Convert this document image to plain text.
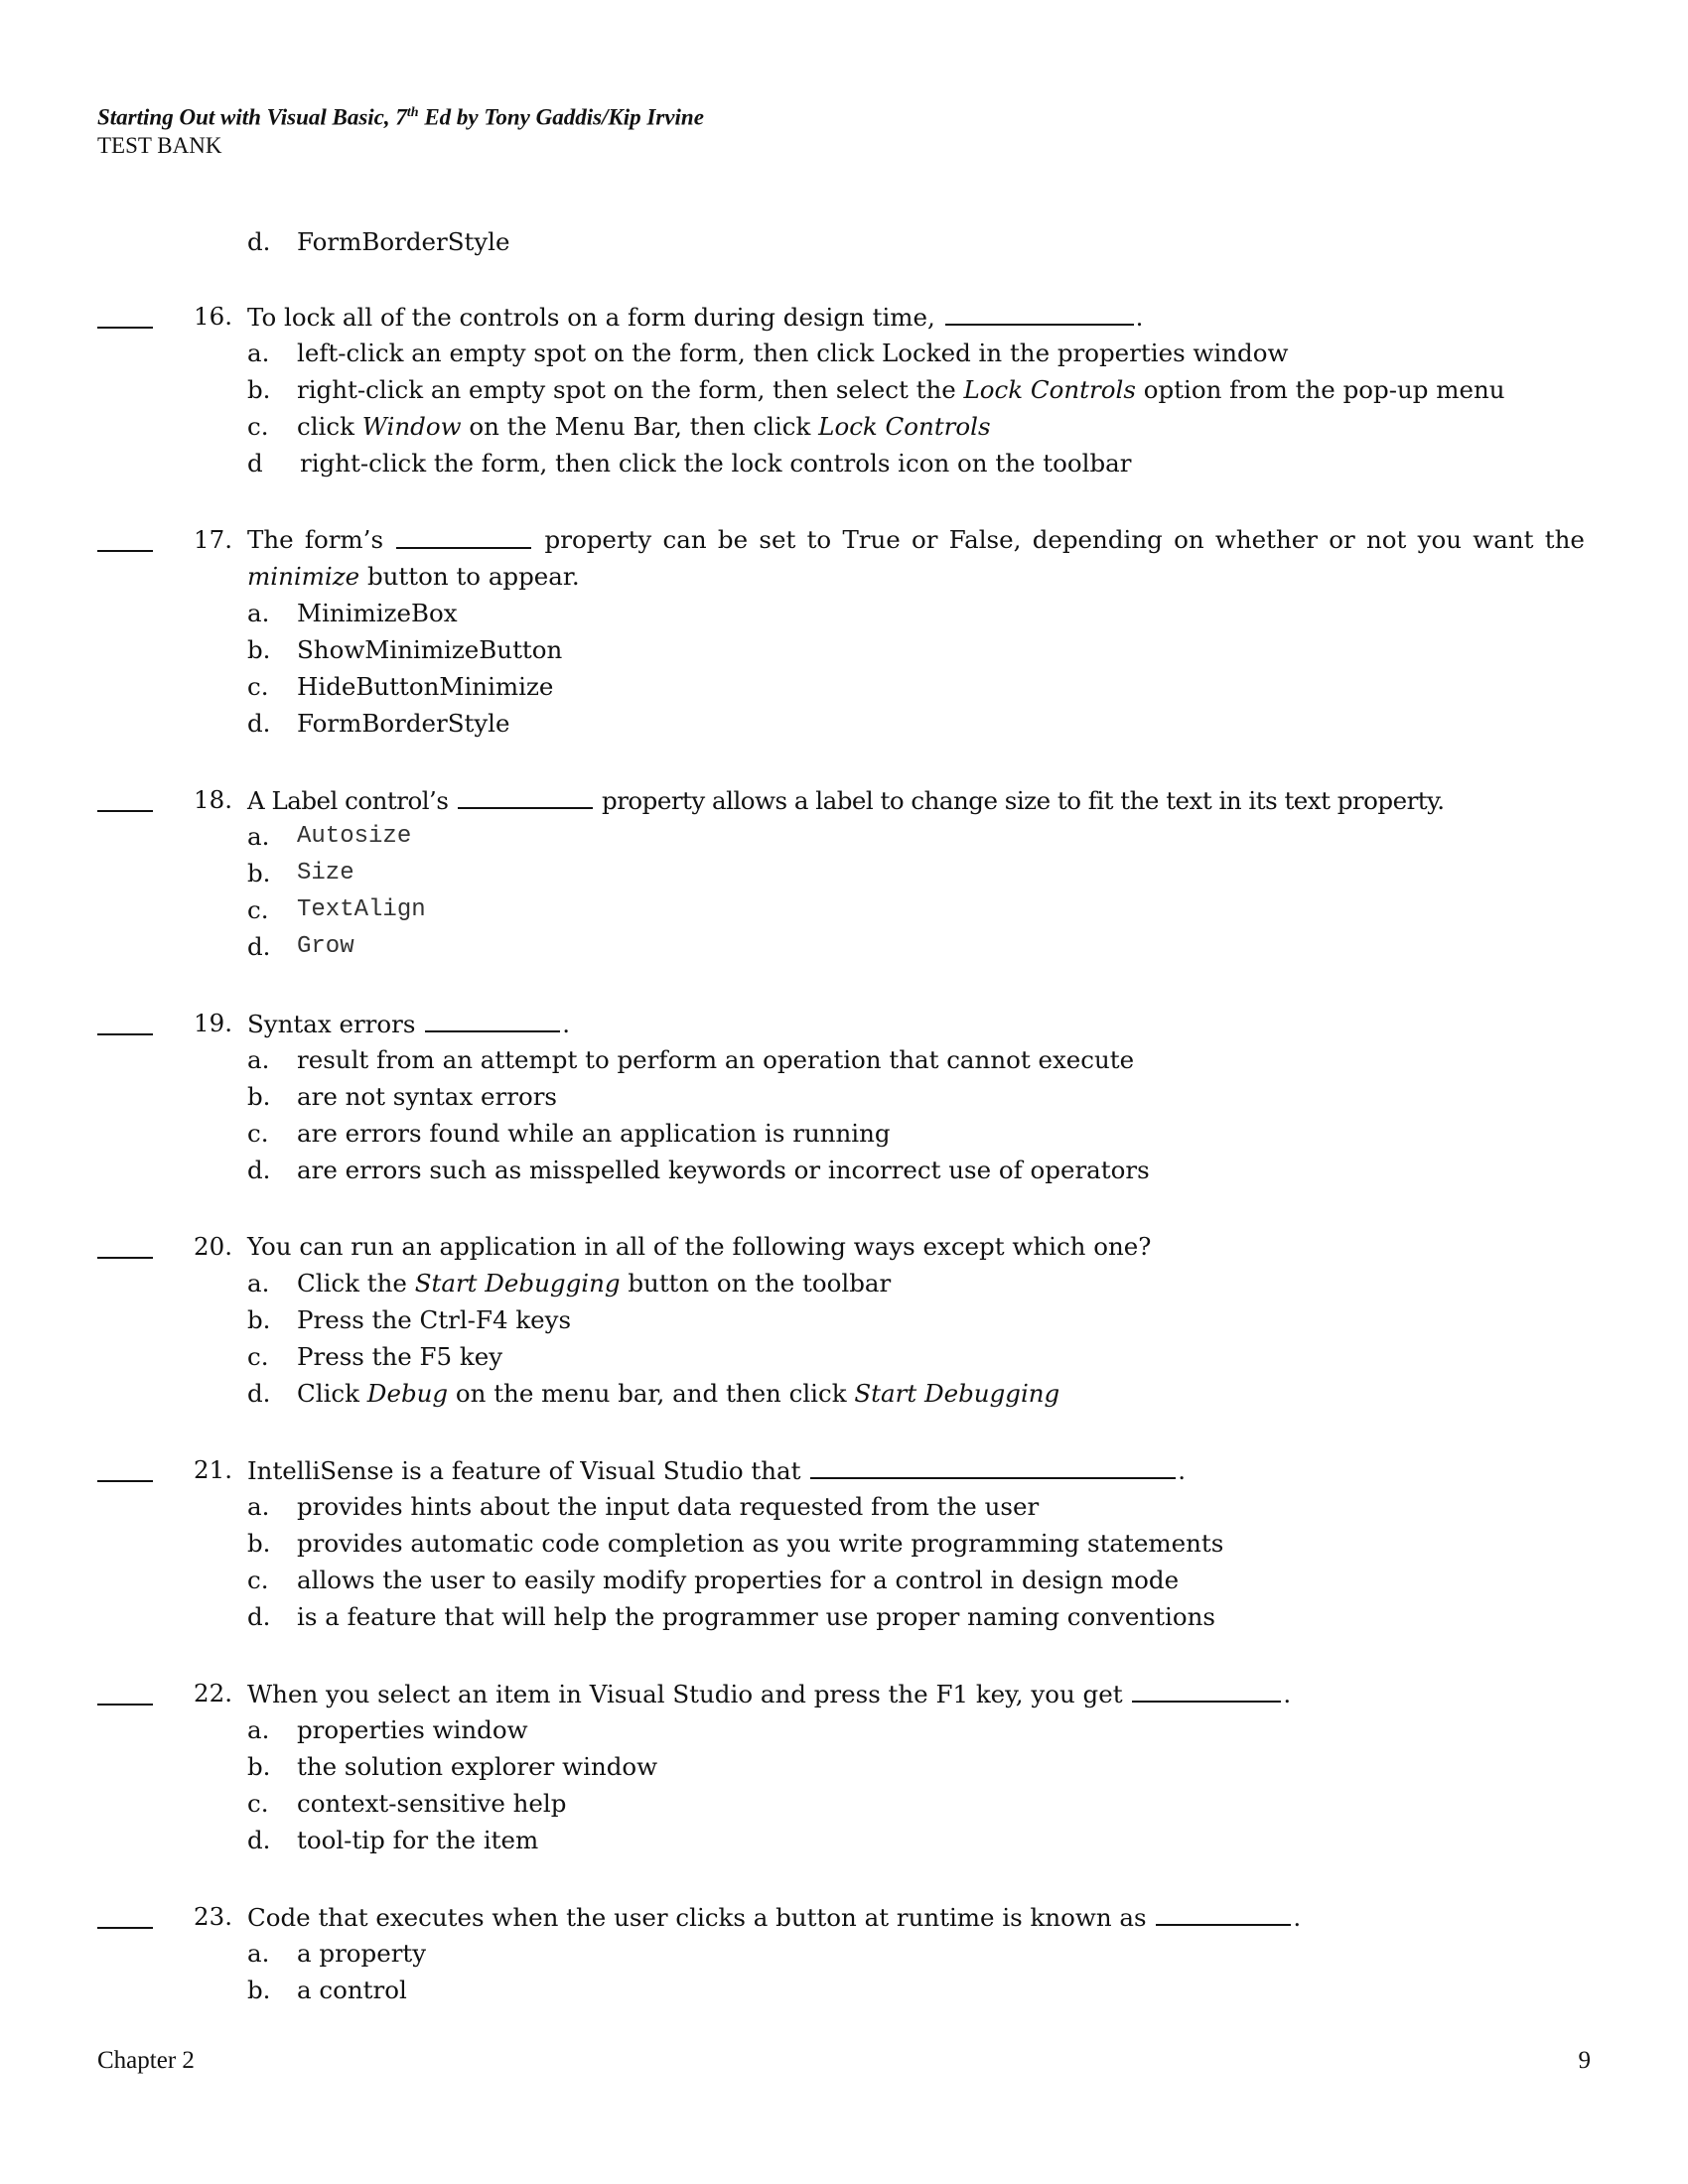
Starting Out with Visual Basic, 7th Ed by Tony Gaddis/Kip Irvine
TEST BANK
d. FormBorderStyle
16. To lock all of the controls on a form during design time,	.
a. left-click an empty spot on the form, then click Locked in the properties window
b. right-click an empty spot on the form, then select the Lock Controls option from the pop-up menu
c. click Window on the Menu Bar, then click Lock Controls
d right-click the form, then click the lock controls icon on the toolbar
17. The form’s	property can be set to True or False, depending on whether or not you want the
minimize button to appear.
a. MinimizeBox
b. ShowMinimizeButton
c. HideButtonMinimize
d. FormBorderStyle
18. A Label control’s	property allows a label to change size to fit the text in its text property.
a. Autosize
b. Size
c. TextAlign
d. Grow
19. Syntax errors	.
a. result from an attempt to perform an operation that cannot execute
b. are not syntax errors
c. are errors found while an application is running
d. are errors such as misspelled keywords or incorrect use of operators
20. You can run an application in all of the following ways except which one?
a. Click the Start Debugging button on the toolbar
b. Press the Ctrl-F4 keys
c. Press the F5 key
d. Click Debug on the menu bar, and then click Start Debugging
21. IntelliSense is a feature of Visual Studio that	.
a. provides hints about the input data requested from the user
b. provides automatic code completion as you write programming statements
c. allows the user to easily modify properties for a control in design mode
d. is a feature that will help the programmer use proper naming conventions
22. When you select an item in Visual Studio and press the F1 key, you get	.
a. properties window
b. the solution explorer window
c. context-sensitive help
d. tool-tip for the item
23. Code that executes when the user clicks a button at runtime is known as	.
a. a property
b. a control
Chapter 2	9
